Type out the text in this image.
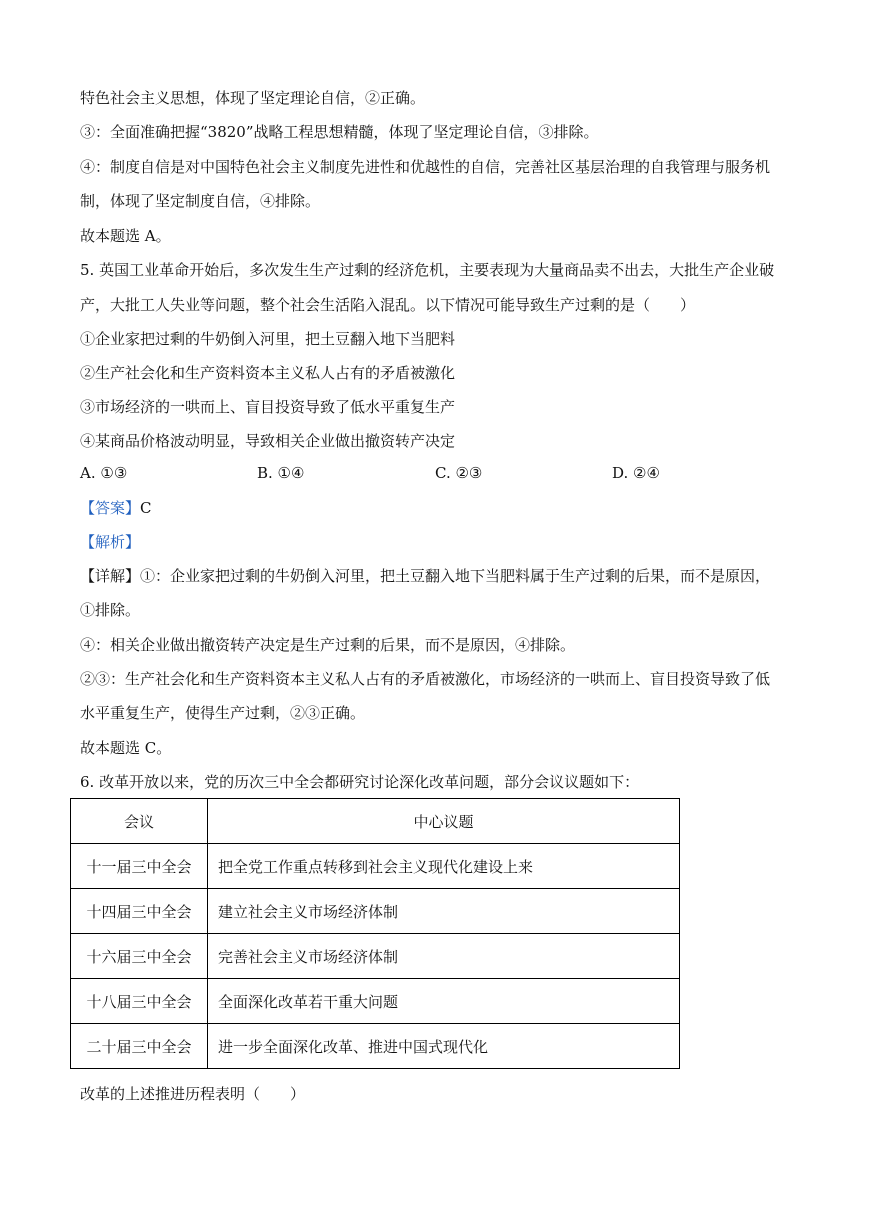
特色社会主义思想，体现了坚定理论自信，②正确。
③：全面准确把握“3820”战略工程思想精髓，体现了坚定理论自信，③排除。
④：制度自信是对中国特色社会主义制度先进性和优越性的自信，完善社区基层治理的自我管理与服务机
制，体现了坚定制度自信，④排除。
故本题选 A。
5. 英国工业革命开始后，多次发生生产过剩的经济危机，主要表现为大量商品卖不出去，大批生产企业破
产，大批工人失业等问题，整个社会生活陷入混乱。以下情况可能导致生产过剩的是（　　）
①企业家把过剩的牛奶倒入河里，把土豆翻入地下当肥料
②生产社会化和生产资料资本主义私人占有的矛盾被激化
③市场经济的一哄而上、盲目投资导致了低水平重复生产
④某商品价格波动明显，导致相关企业做出撤资转产决定
A. ①③	B. ①④	C. ②③	D. ②④
【答案】C
【解析】
【详解】①：企业家把过剩的牛奶倒入河里，把土豆翻入地下当肥料属于生产过剩的后果，而不是原因，
①排除。
④：相关企业做出撤资转产决定是生产过剩的后果，而不是原因，④排除。
②③：生产社会化和生产资料资本主义私人占有的矛盾被激化，市场经济的一哄而上、盲目投资导致了低
水平重复生产，使得生产过剩，②③正确。
故本题选 C。
6. 改革开放以来，党的历次三中全会都研究讨论深化改革问题，部分会议议题如下：
会议	中心议题
十一届三中全会	把全党工作重点转移到社会主义现代化建设上来
十四届三中全会	建立社会主义市场经济体制
十六届三中全会	完善社会主义市场经济体制
十八届三中全会	全面深化改革若干重大问题
二十届三中全会	进一步全面深化改革、推进中国式现代化
改革的上述推进历程表明（　　）
